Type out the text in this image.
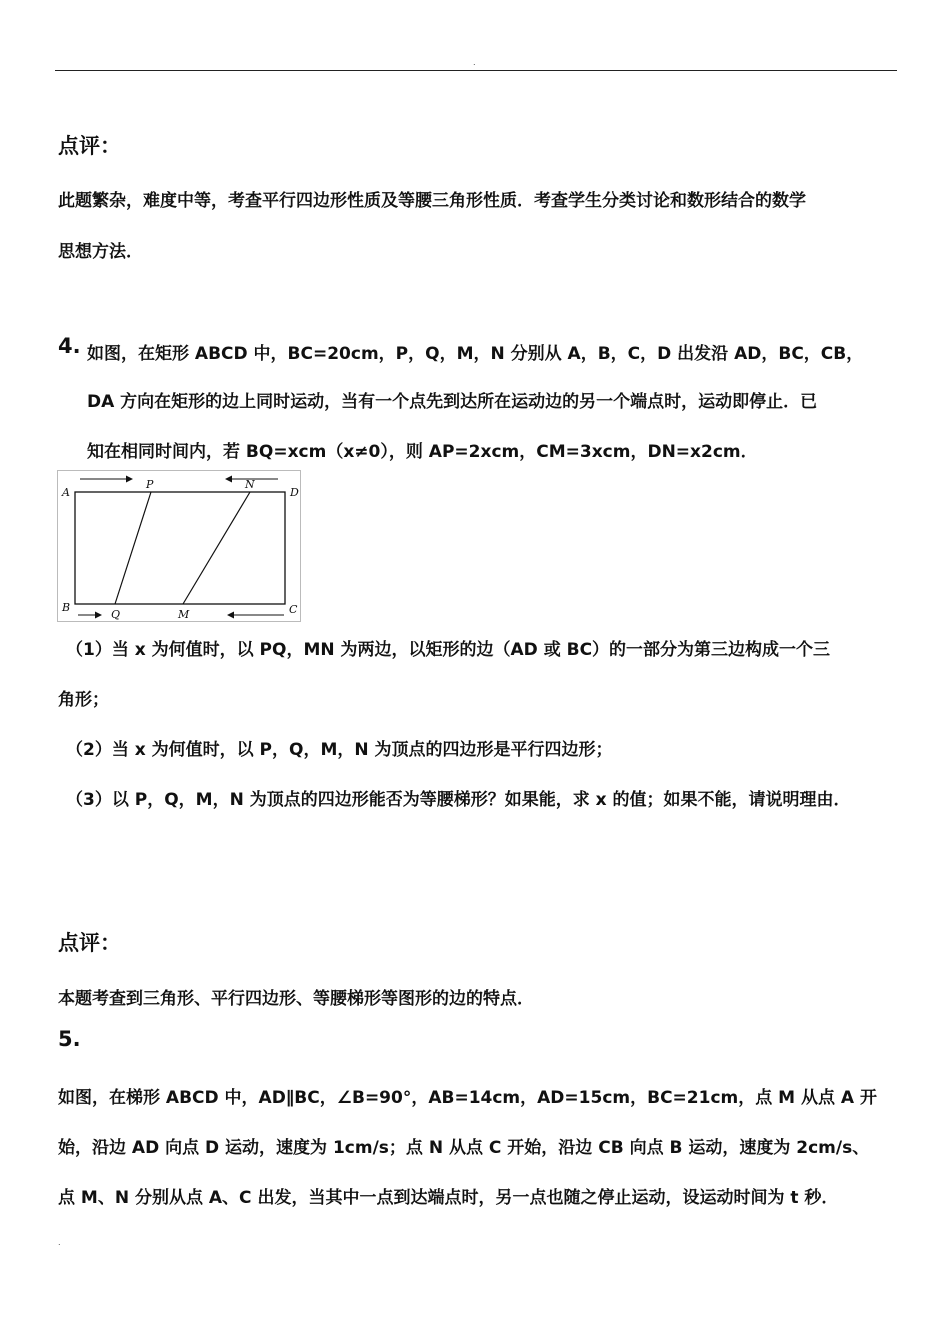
.
点评：
此题繁杂，难度中等，考查平行四边形性质及等腰三角形性质．考查学生分类讨论和数形结合的数学
思想方法．
4. 如图，在矩形 ABCD 中，BC=20cm，P，Q，M，N 分别从 A，B，C，D 出发沿 AD，BC，CB，
DA 方向在矩形的边上同时运动，当有一个点先到达所在运动边的另一个端点时，运动即停止．已
知在相同时间内，若 BQ=xcm（x≠0），则 AP=2xcm，CM=3xcm，DN=x2cm．
A	D
B	C
P	N
Q	M
（1）当 x 为何值时，以 PQ，MN 为两边，以矩形的边（AD 或 BC）的一部分为第三边构成一个三
角形；
（2）当 x 为何值时，以 P，Q，M，N 为顶点的四边形是平行四边形；
（3）以 P，Q，M，N 为顶点的四边形能否为等腰梯形？如果能，求 x 的值；如果不能，请说明理由．
点评：
本题考查到三角形、平行四边形、等腰梯形等图形的边的特点．
5.
如图，在梯形 ABCD 中，AD∥BC，∠B=90°，AB=14cm，AD=15cm，BC=21cm，点 M 从点 A 开
始，沿边 AD 向点 D 运动，速度为 1cm/s；点 N 从点 C 开始，沿边 CB 向点 B 运动，速度为 2cm/s、
点 M、N 分别从点 A、C 出发，当其中一点到达端点时，另一点也随之停止运动，设运动时间为 t 秒．
.
